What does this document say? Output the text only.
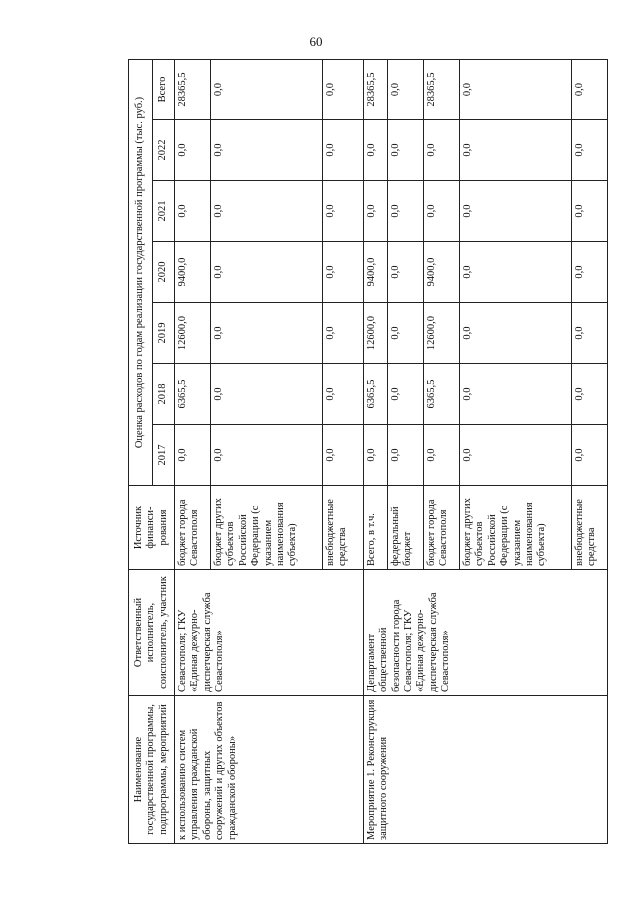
60
Наименование государственной программы, подпрограммы, мероприятий	Ответственный исполнитель, соисполнитель, участник	Источник финанси-рования	Оценка расходов по годам реализации государственной программы (тыс. руб.)						
			2017	2018	2019	2020	2021	2022	Всего
к использованию систем управления гражданской обороны, защитных сооружений и других объектов гражданской обороны»	Севастополя; ГКУ «Единая дежурно-диспетчерская служба Севастополя»	бюджет города Севастополя	0,0	6365,5	12600,0	9400,0	0,0	0,0	28365,5
		бюджет других субъектов Российской Федерации (с указанием наименования субъекта)	0,0	0,0	0,0	0,0	0,0	0,0	0,0
		внебюджетные средства	0,0	0,0	0,0	0,0	0,0	0,0	0,0
Мероприятие 1. Реконструкция защитного сооружения	Департамент общественной безопасности города Севастополя; ГКУ «Единая дежурно-диспетчерская служба Севастополя»	Всего, в т.ч.	0,0	6365,5	12600,0	9400,0	0,0	0,0	28365,5
		федеральный бюджет	0,0	0,0	0,0	0,0	0,0	0,0	0,0
		бюджет города Севастополя	0,0	6365,5	12600,0	9400,0	0,0	0,0	28365,5
		бюджет других субъектов Российской Федерации (с указанием наименования субъекта)	0,0	0,0	0,0	0,0	0,0	0,0	0,0
		внебюджетные средства	0,0	0,0	0,0	0,0	0,0	0,0	0,0
